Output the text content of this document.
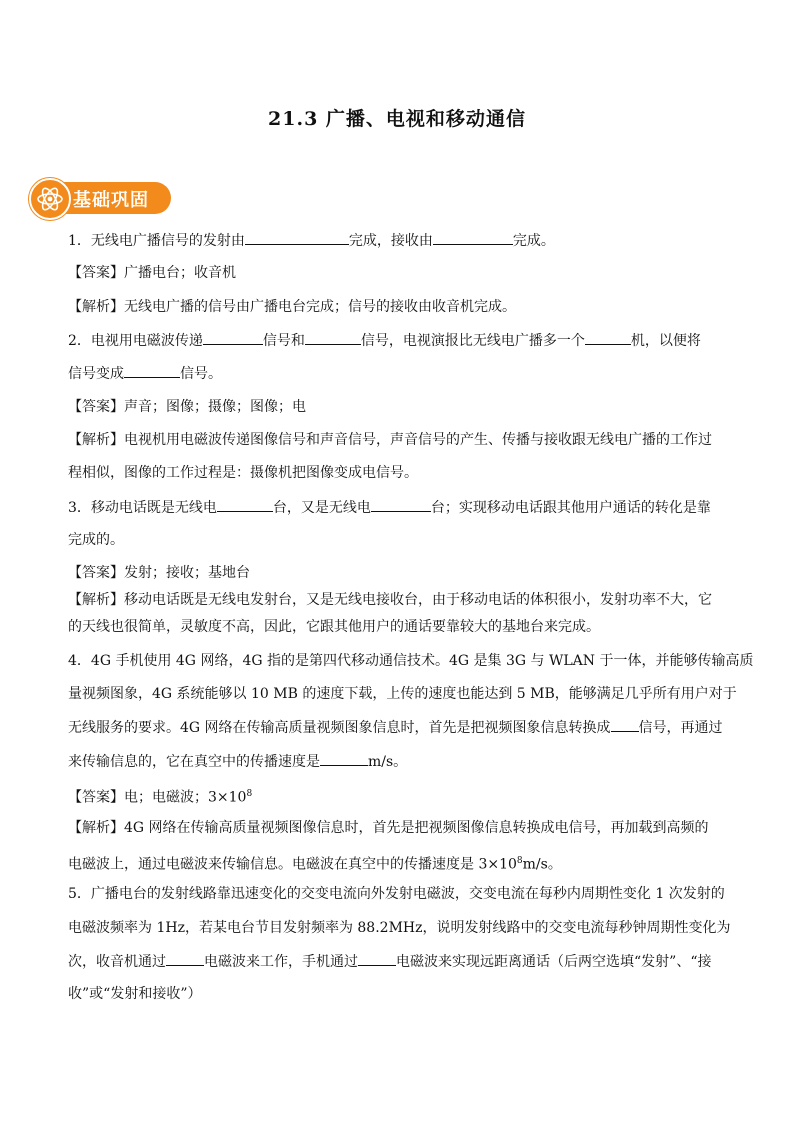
21.3 广播、电视和移动通信
基础巩固
1．无线电广播信号的发射由	完成，接收由	完成。
【答案】广播电台；收音机
【解析】无线电广播的信号由广播电台完成；信号的接收由收音机完成。
2．电视用电磁波传递	信号和	信号，电视演报比无线电广播多一个	机，以便将
信号变成	信号。
【答案】声音；图像；摄像；图像；电
【解析】电视机用电磁波传递图像信号和声音信号，声音信号的产生、传播与接收跟无线电广播的工作过
程相似，图像的工作过程是：摄像机把图像变成电信号。
3．移动电话既是无线电	台，又是无线电	台；实现移动电话跟其他用户通话的转化是靠
完成的。
【答案】发射；接收；基地台
【解析】移动电话既是无线电发射台，又是无线电接收台，由于移动电话的体积很小，发射功率不大，它
的天线也很简单，灵敏度不高，因此，它跟其他用户的通话要靠较大的基地台来完成。
4．4G 手机使用 4G 网络，4G 指的是第四代移动通信技术。4G 是集 3G 与 WLAN 于一体，并能够传输高质
量视频图象，4G 系统能够以 10 MB 的速度下载，上传的速度也能达到 5 MB，能够满足几乎所有用户对于
无线服务的要求。4G 网络在传输高质量视频图象信息时，首先是把视频图象信息转换成 信号，再通过
来传输信息的，它在真空中的传播速度是	m/s。
【答案】电；电磁波；$3\times 10^8$
【解析】4G 网络在传输高质量视频图像信息时，首先是把视频图像信息转换成电信号，再加载到高频的
电磁波上，通过电磁波来传输信息。电磁波在真空中的传播速度是 $3\times 10^8m/s$。
5．广播电台的发射线路靠迅速变化的交变电流向外发射电磁波，交变电流在每秒内周期性变化 1 次发射的
电磁波频率为 1Hz，若某电台节目发射频率为 88.2MHz，说明发射线路中的交变电流每秒钟周期性变化为
次，收音机通过	电磁波来工作，手机通过	电磁波来实现远距离通话（后两空选填“发射”、“接
收”或“发射和接收”）
